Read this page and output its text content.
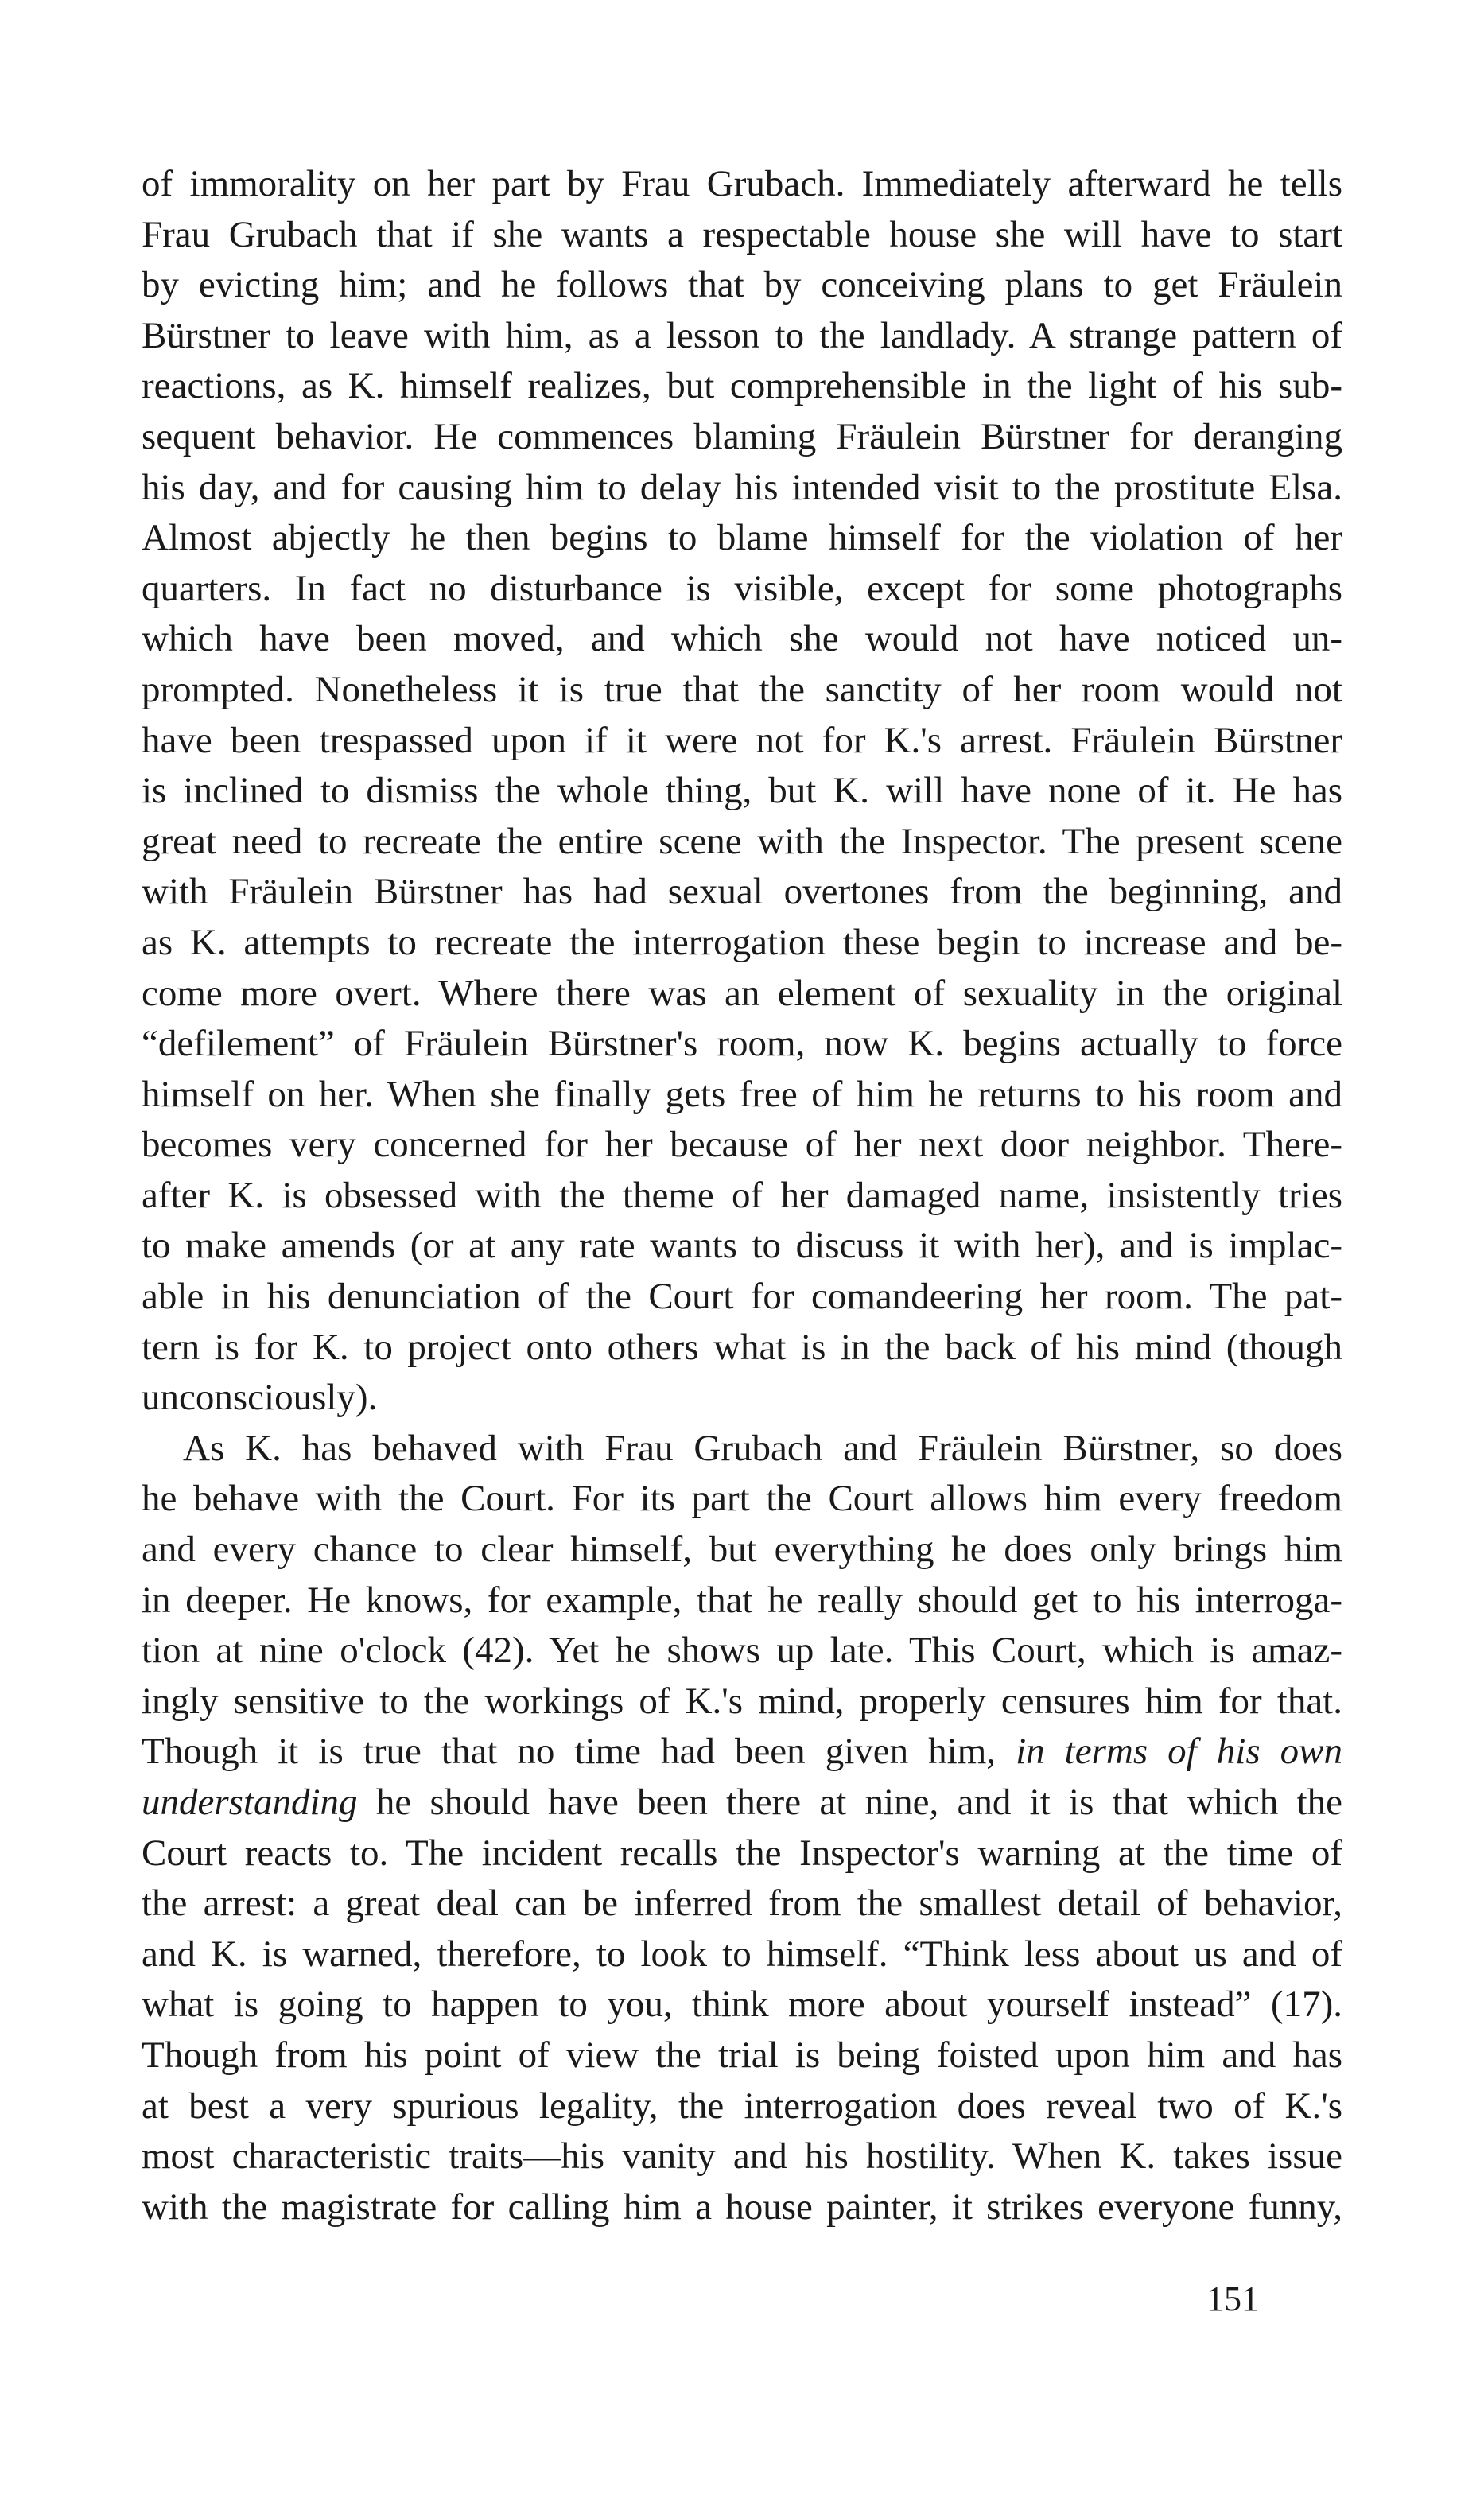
of immorality on her part by Frau Grubach. Immediately afterward he tells
Frau Grubach that if she wants a respectable house she will have to start
by evicting him; and he follows that by conceiving plans to get Fräulein
Bürstner to leave with him, as a lesson to the landlady. A strange pattern of
reactions, as K. himself realizes, but comprehensible in the light of his sub-
sequent behavior. He commences blaming Fräulein Bürstner for deranging
his day, and for causing him to delay his intended visit to the prostitute Elsa.
Almost abjectly he then begins to blame himself for the violation of her
quarters. In fact no disturbance is visible, except for some photographs
which have been moved, and which she would not have noticed un-
prompted. Nonetheless it is true that the sanctity of her room would not
have been trespassed upon if it were not for K.'s arrest. Fräulein Bürstner
is inclined to dismiss the whole thing, but K. will have none of it. He has
great need to recreate the entire scene with the Inspector. The present scene
with Fräulein Bürstner has had sexual overtones from the beginning, and
as K. attempts to recreate the interrogation these begin to increase and be-
come more overt. Where there was an element of sexuality in the original
“defilement” of Fräulein Bürstner's room, now K. begins actually to force
himself on her. When she finally gets free of him he returns to his room and
becomes very concerned for her because of her next door neighbor. There-
after K. is obsessed with the theme of her damaged name, insistently tries
to make amends (or at any rate wants to discuss it with her), and is implac-
able in his denunciation of the Court for comandeering her room. The pat-
tern is for K. to project onto others what is in the back of his mind (though
unconsciously).
As K. has behaved with Frau Grubach and Fräulein Bürstner, so does
he behave with the Court. For its part the Court allows him every freedom
and every chance to clear himself, but everything he does only brings him
in deeper. He knows, for example, that he really should get to his interroga-
tion at nine o'clock (42). Yet he shows up late. This Court, which is amaz-
ingly sensitive to the workings of K.'s mind, properly censures him for that.
Though it is true that no time had been given him, in terms of his own
understanding he should have been there at nine, and it is that which the
Court reacts to. The incident recalls the Inspector's warning at the time of
the arrest: a great deal can be inferred from the smallest detail of behavior,
and K. is warned, therefore, to look to himself. “Think less about us and of
what is going to happen to you, think more about yourself instead” (17).
Though from his point of view the trial is being foisted upon him and has
at best a very spurious legality, the interrogation does reveal two of K.'s
most characteristic traits—his vanity and his hostility. When K. takes issue
with the magistrate for calling him a house painter, it strikes everyone funny,
151
